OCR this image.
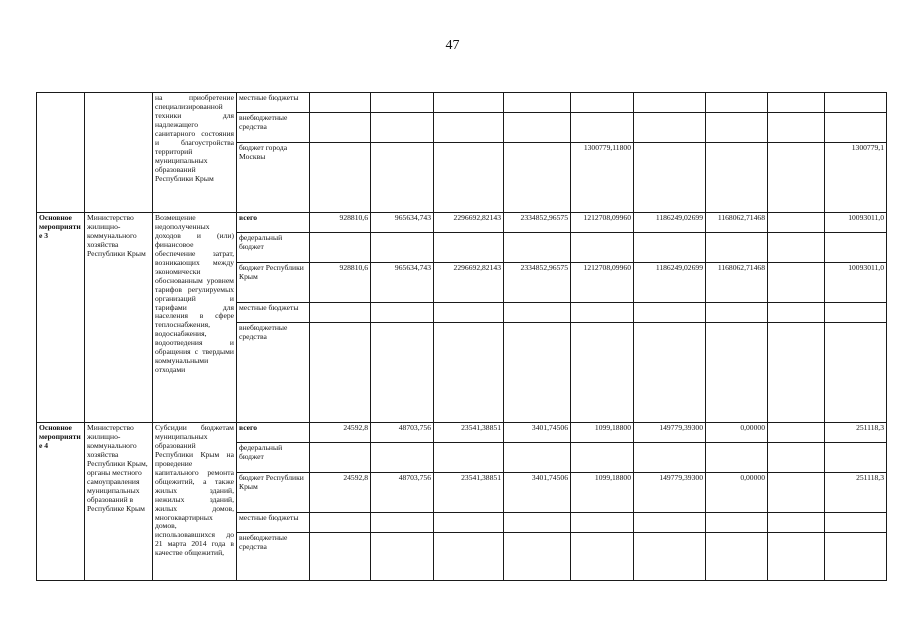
47
		на приобретение специализированной техники для надлежащего санитарного состояния и благоустройства территорий муниципальных образований Республики Крым	местные бюджеты									
			внебюджетные средства									
			бюджет города Москвы					1300779,11800				1300779,1
Основное мероприятие 3	Министерство жилищно-коммунального хозяйства Республики Крым	Возмещение недополученных доходов и (или) финансовое обеспечение затрат, возникающих между экономически обоснованным уровнем тарифов регулируемых организаций и тарифами для населения в сфере теплоснабжения, водоснабжения, водоотведения и обращения с твердыми коммунальными отходами	всего	928810,6	965634,743	2296692,82143	2334852,96575	1212708,09960	1186249,02699	1168062,71468		10093011,0
			федеральный бюджет									
			бюджет Республики Крым	928810,6	965634,743	2296692,82143	2334852,96575	1212708,09960	1186249,02699	1168062,71468		10093011,0
			местные бюджеты									
			внебюджетные средства									
Основное мероприятие 4	Министерство жилищно-коммунального хозяйства Республики Крым, органы местного самоуправления муниципальных образований в Республике Крым	Субсидии бюджетам муниципальных образований Республики Крым на проведение капитального ремонта общежитий, а также жилых зданий, нежилых зданий, жилых домов, многоквартирных домов, использовавшихся до 21 марта 2014 года в качестве общежитий,	всего	24592,8	48703,756	23541,38851	3401,74506	1099,18800	149779,39300	0,00000		251118,3
			федеральный бюджет									
			бюджет Республики Крым	24592,8	48703,756	23541,38851	3401,74506	1099,18800	149779,39300	0,00000		251118,3
			местные бюджеты									
			внебюджетные средства									
